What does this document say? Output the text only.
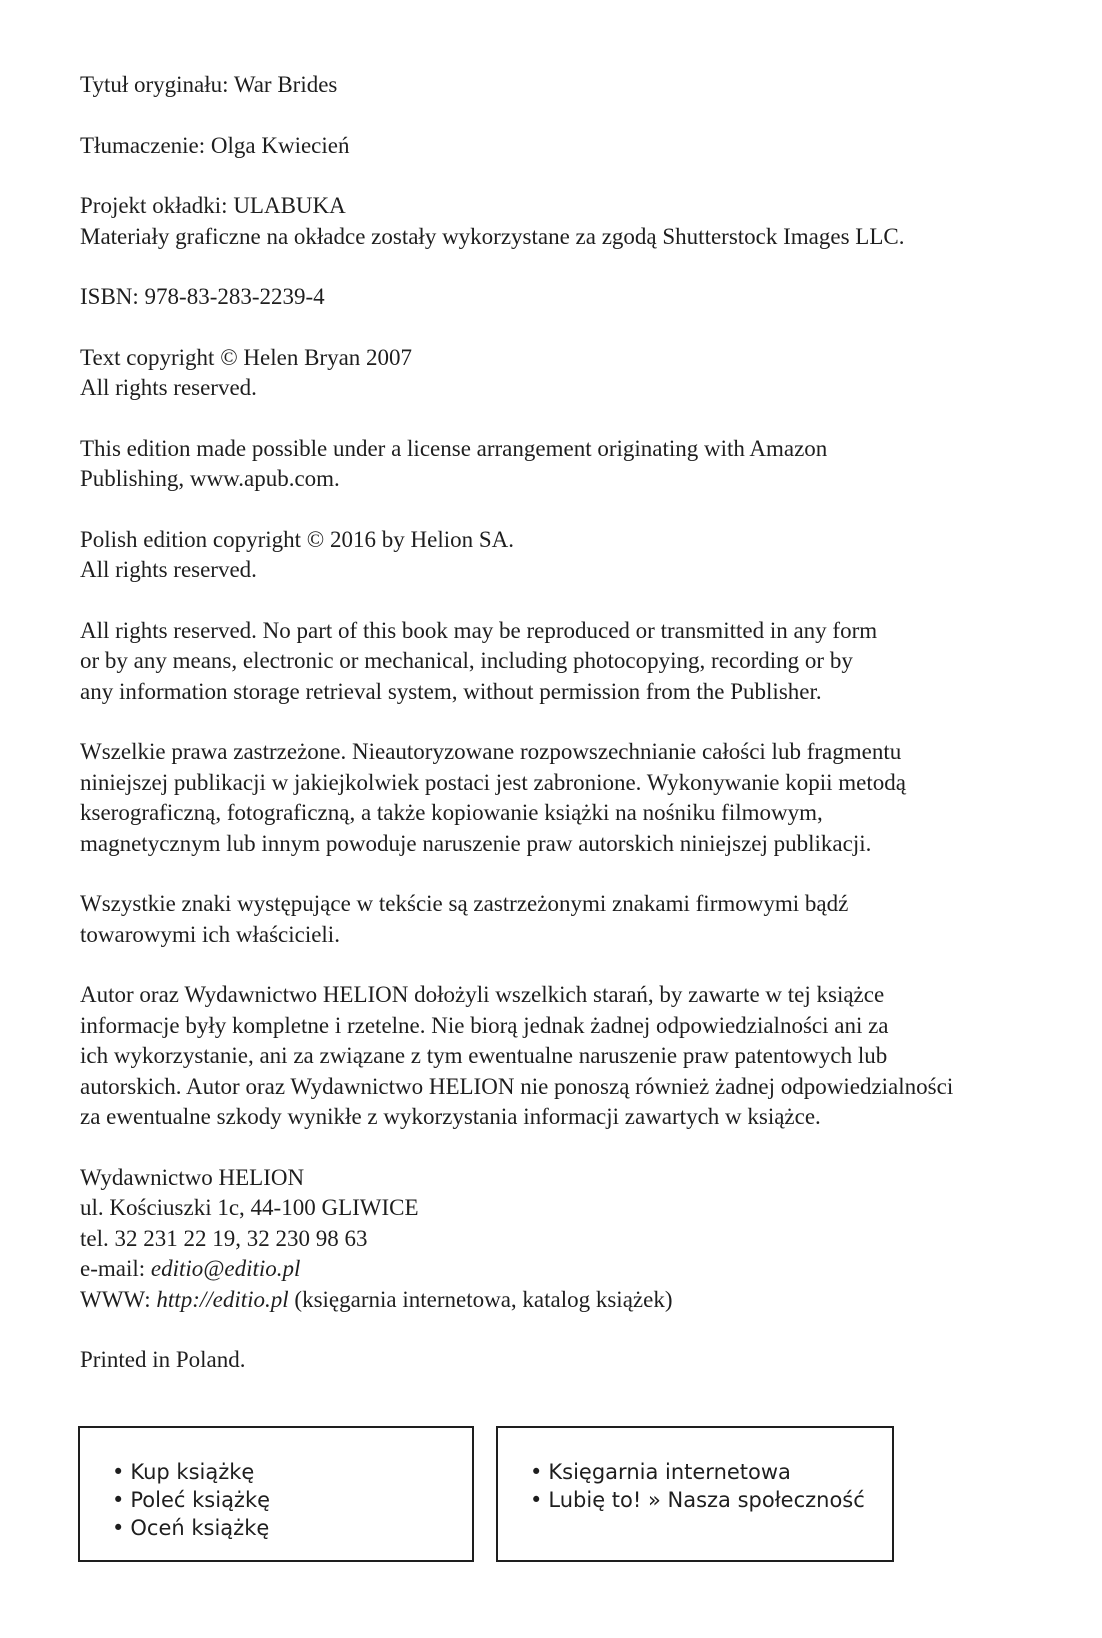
Tytuł oryginału: War Brides
Tłumaczenie: Olga Kwiecień
Projekt okładki: ULABUKA
Materiały graficzne na okładce zostały wykorzystane za zgodą Shutterstock Images LLC.
ISBN: 978-83-283-2239-4
Text copyright © Helen Bryan 2007
All rights reserved.
This edition made possible under a license arrangement originating with Amazon
Publishing, www.apub.com.
Polish edition copyright © 2016 by Helion SA.
All rights reserved.
All rights reserved. No part of this book may be reproduced or transmitted in any form
or by any means, electronic or mechanical, including photocopying, recording or by
any information storage retrieval system, without permission from the Publisher.
Wszelkie prawa zastrzeżone. Nieautoryzowane rozpowszechnianie całości lub fragmentu
niniejszej publikacji w jakiejkolwiek postaci jest zabronione. Wykonywanie kopii metodą
kserograficzną, fotograficzną, a także kopiowanie książki na nośniku filmowym,
magnetycznym lub innym powoduje naruszenie praw autorskich niniejszej publikacji.
Wszystkie znaki występujące w tekście są zastrzeżonymi znakami firmowymi bądź
towarowymi ich właścicieli.
Autor oraz Wydawnictwo HELION dołożyli wszelkich starań, by zawarte w tej książce
informacje były kompletne i rzetelne. Nie biorą jednak żadnej odpowiedzialności ani za
ich wykorzystanie, ani za związane z tym ewentualne naruszenie praw patentowych lub
autorskich. Autor oraz Wydawnictwo HELION nie ponoszą również żadnej odpowiedzialności
za ewentualne szkody wynikłe z wykorzystania informacji zawartych w książce.
Wydawnictwo HELION
ul. Kościuszki 1c, 44-100 GLIWICE
tel. 32 231 22 19, 32 230 98 63
e-mail: editio@editio.pl
WWW: http://editio.pl (księgarnia internetowa, katalog książek)
Printed in Poland.
• Kup książkę
• Poleć książkę
• Oceń książkę
• Księgarnia internetowa
• Lubię to! » Nasza społeczność
